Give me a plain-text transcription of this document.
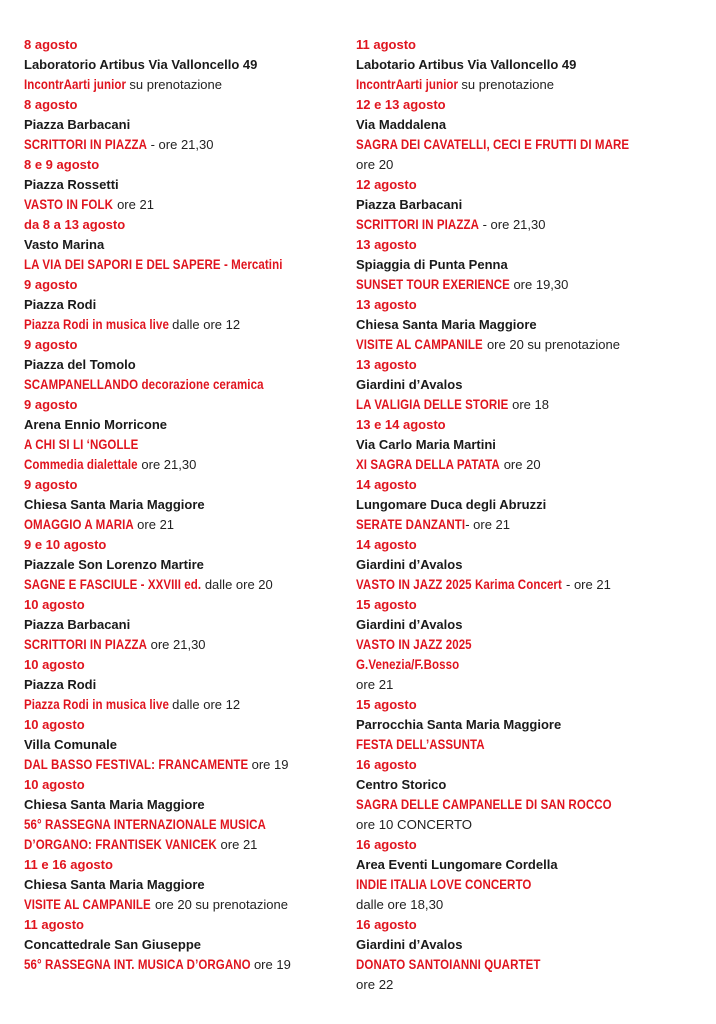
8 agosto
Laboratorio Artibus Via Valloncello 49
IncontrAarti junior su prenotazione
8 agosto
Piazza Barbacani
SCRITTORI IN PIAZZA - ore 21,30
8 e 9 agosto
Piazza Rossetti
VASTO IN FOLK ore 21
da 8 a 13 agosto
Vasto Marina
LA VIA DEI SAPORI E DEL SAPERE - Mercatini
9 agosto
Piazza Rodi
Piazza Rodi in musica live dalle ore 12
9 agosto
Piazza del Tomolo
SCAMPANELLANDO decorazione ceramica
9 agosto
Arena Ennio Morricone
A CHI SI LI ‘NGOLLE
Commedia dialettale ore 21,30
9 agosto
Chiesa Santa Maria Maggiore
OMAGGIO A MARIA ore 21
9 e 10 agosto
Piazzale Son Lorenzo Martire
SAGNE E FASCIULE - XXVIII ed. dalle ore 20
10 agosto
Piazza Barbacani
SCRITTORI IN PIAZZA ore 21,30
10 agosto
Piazza Rodi
Piazza Rodi in musica live dalle ore 12
10 agosto
Villa Comunale
DAL BASSO FESTIVAL: FRANCAMENTE ore 19
10 agosto
Chiesa Santa Maria Maggiore
56° RASSEGNA INTERNAZIONALE MUSICA
D’ORGANO: FRANTISEK VANICEK ore 21
11 e 16 agosto
Chiesa Santa Maria Maggiore
VISITE AL CAMPANILE ore 20 su prenotazione
11 agosto
Concattedrale San Giuseppe
56° RASSEGNA INT. MUSICA D’ORGANO ore 19
11 agosto
Labotario Artibus Via Valloncello 49
IncontrAarti junior su prenotazione
12 e 13 agosto
Via Maddalena
SAGRA DEI CAVATELLI, CECI E FRUTTI DI MARE
ore 20
12 agosto
Piazza Barbacani
SCRITTORI IN PIAZZA - ore 21,30
13 agosto
Spiaggia di Punta Penna
SUNSET TOUR EXERIENCE ore 19,30
13 agosto
Chiesa Santa Maria Maggiore
VISITE AL CAMPANILE ore 20 su prenotazione
13 agosto
Giardini d’Avalos
LA VALIGIA DELLE STORIE ore 18
13 e 14 agosto
Via Carlo Maria Martini
XI SAGRA DELLA PATATA ore 20
14 agosto
Lungomare Duca degli Abruzzi
SERATE DANZANTI- ore 21
14 agosto
Giardini d’Avalos
VASTO IN JAZZ 2025 Karima Concert - ore 21
15 agosto
Giardini d’Avalos
VASTO IN JAZZ 2025
G.Venezia/F.Bosso
ore 21
15 agosto
Parrocchia Santa Maria Maggiore
FESTA DELL’ASSUNTA
16 agosto
Centro Storico
SAGRA DELLE CAMPANELLE DI SAN ROCCO
ore 10 CONCERTO
16 agosto
Area Eventi Lungomare Cordella
INDIE ITALIA LOVE CONCERTO
dalle ore 18,30
16 agosto
Giardini d’Avalos
DONATO SANTOIANNI QUARTET
ore 22
